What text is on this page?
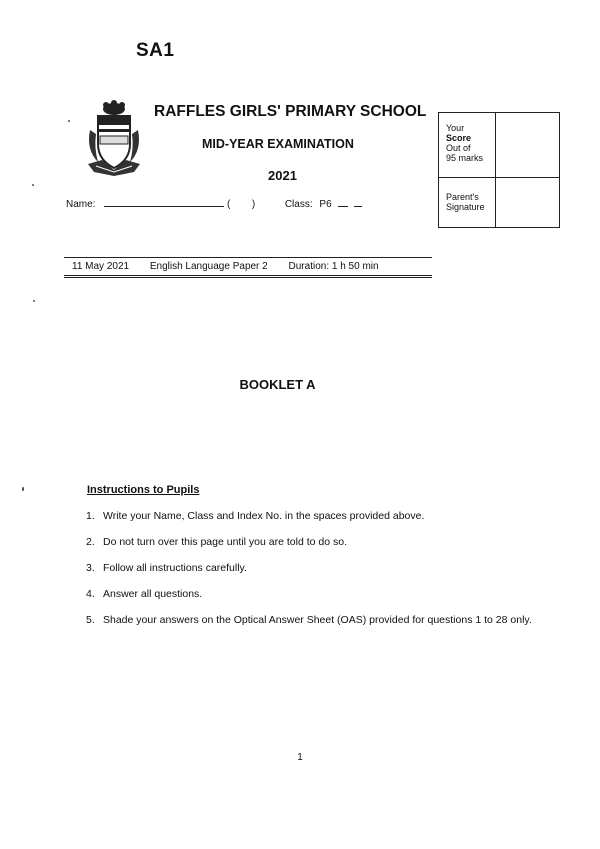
SA1
RAFFLES GIRLS' PRIMARY SCHOOL
MID-YEAR EXAMINATION
2021
Name:	( )	Class: P6
Your
Score
Out of
95 marks
Parent's
Signature
11 May 2021 English Language Paper 2 Duration: 1 h 50 min
BOOKLET A
Instructions to Pupils
1. Write your Name, Class and Index No. in the spaces provided above.
2. Do not turn over this page until you are told to do so.
3. Follow all instructions carefully.
4. Answer all questions.
5. Shade your answers on the Optical Answer Sheet (OAS) provided for questions 1 to 28 only.
1
